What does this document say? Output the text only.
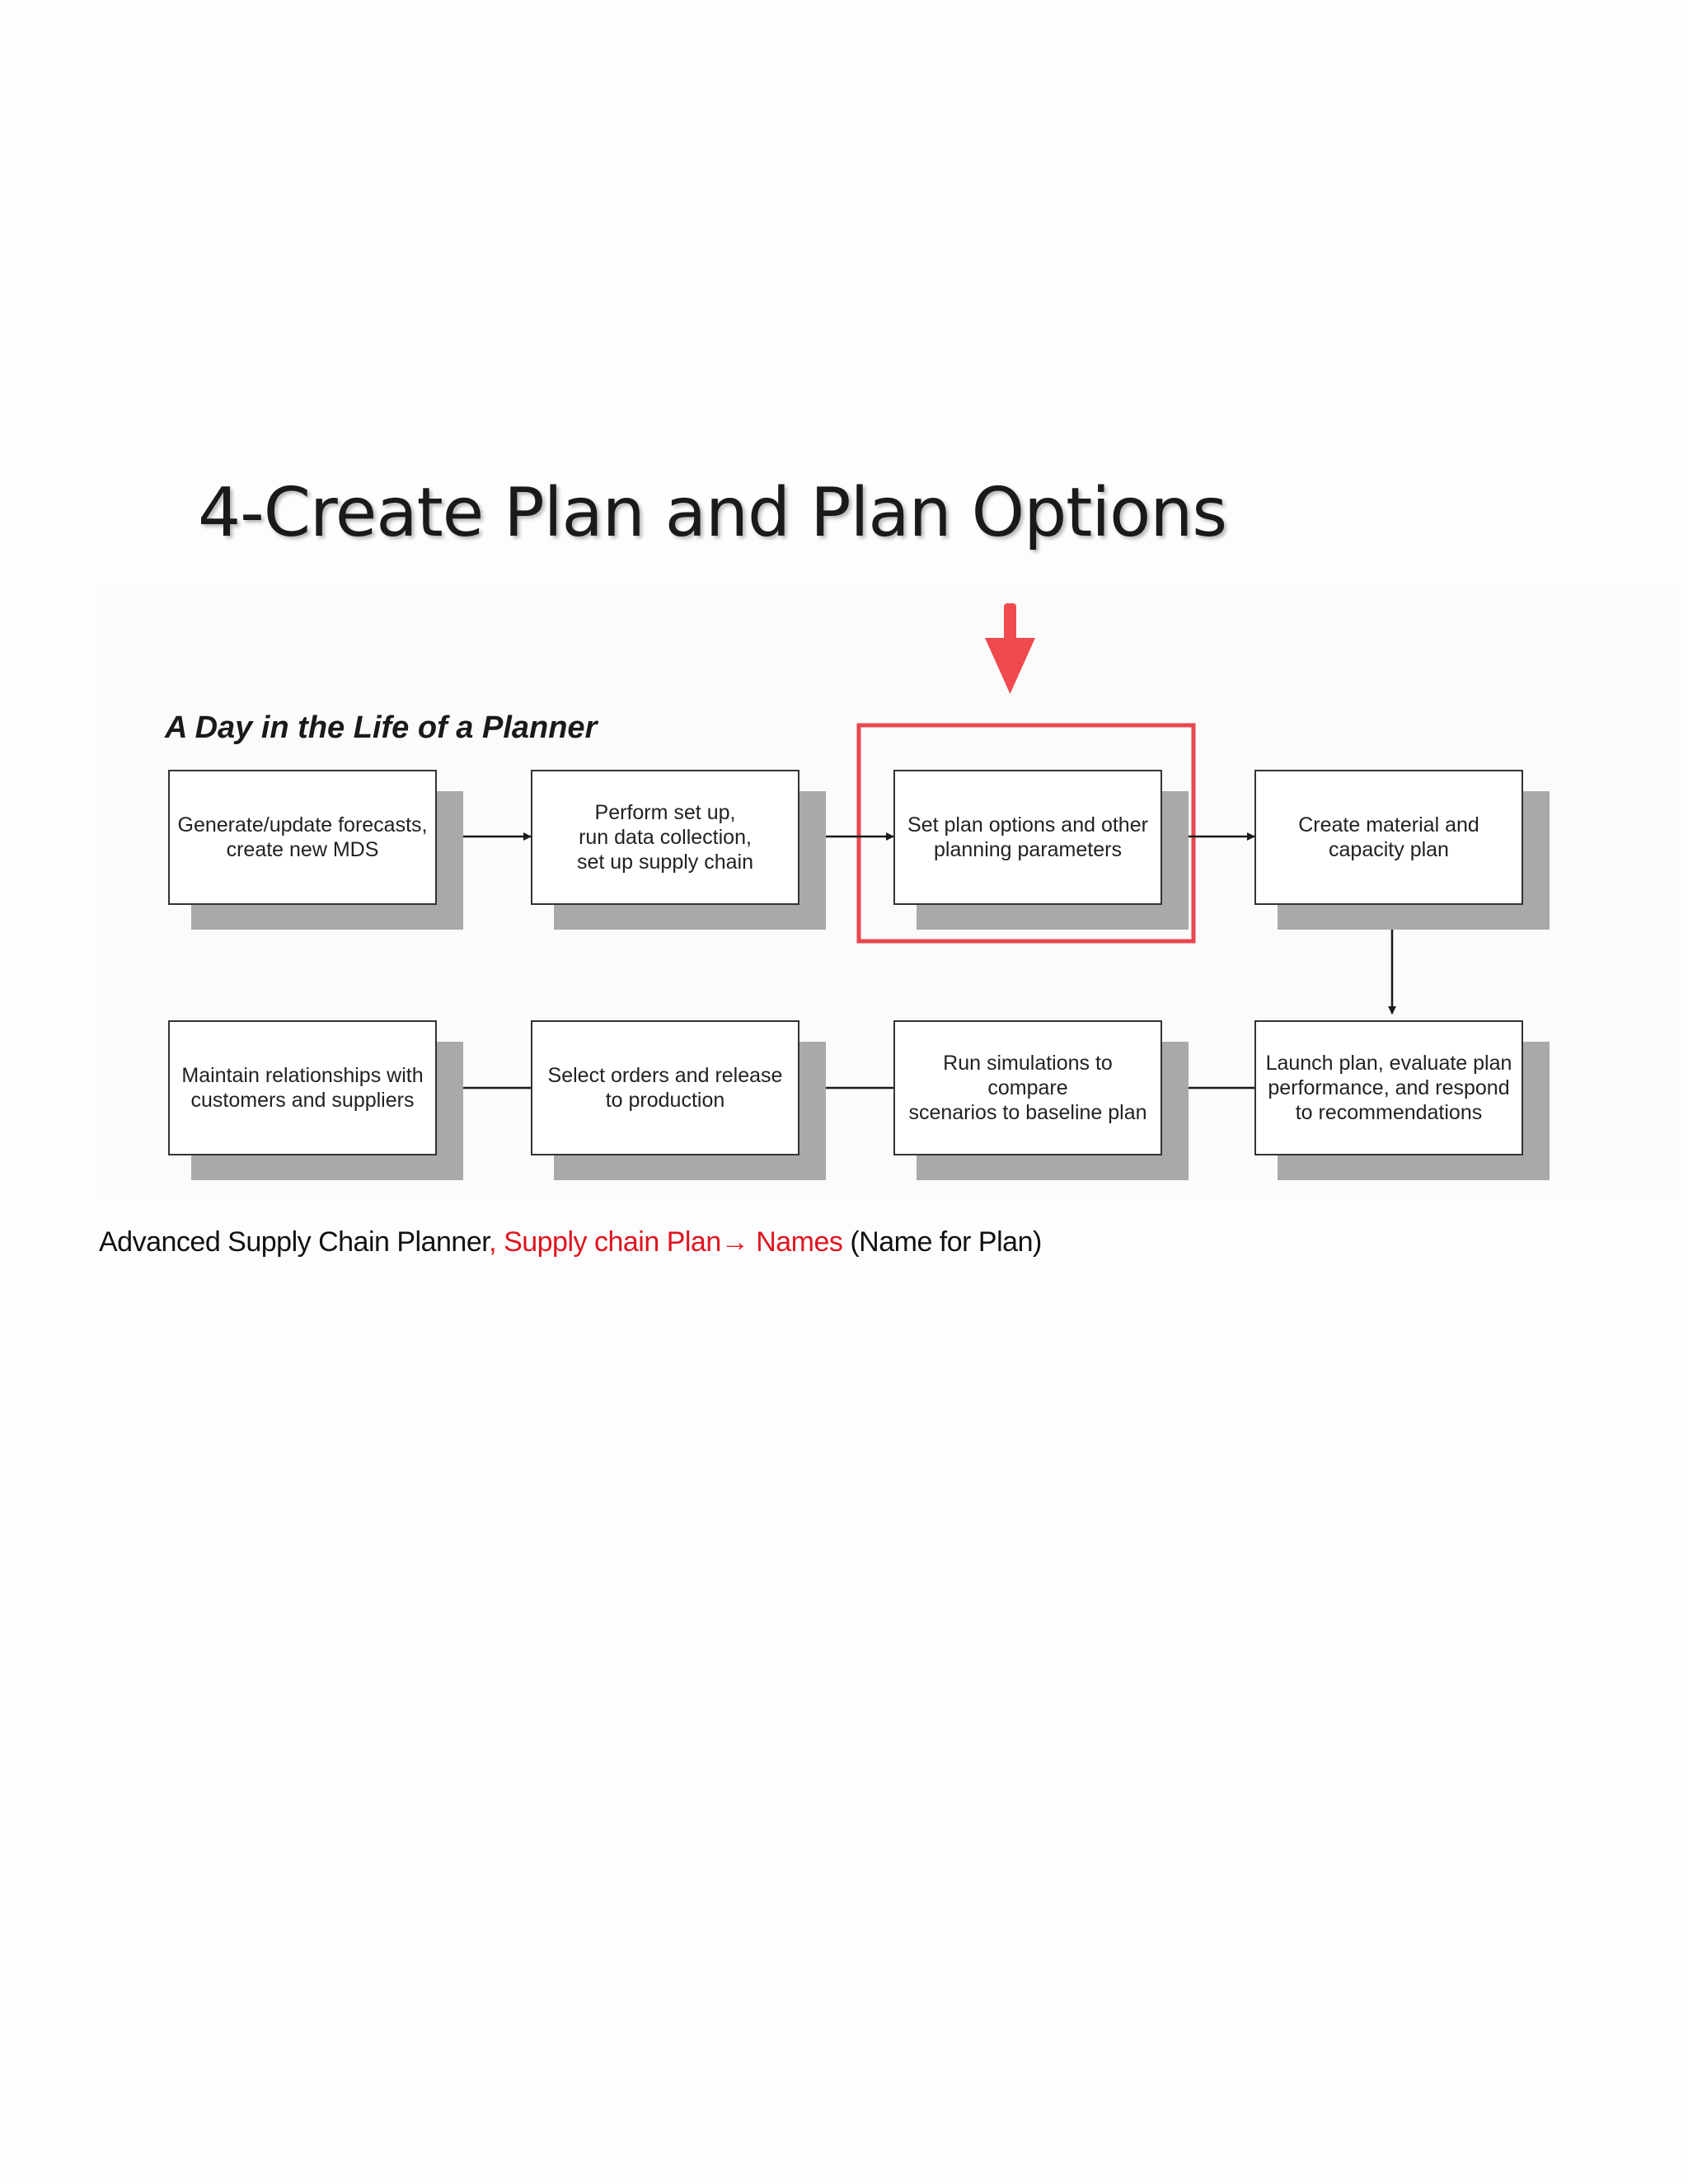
4-Create Plan and Plan Options
A Day in the Life of a Planner
Generate/update forecasts,
create new MDS
Perform set up,
run data collection,
set up supply chain
Set plan options and other
planning parameters
Create material and
capacity plan
Maintain relationships with
customers and suppliers
Select orders and release
to production
Run simulations to compare
scenarios to baseline plan
Launch plan, evaluate plan
performance, and respond
to recommendations
Advanced Supply Chain Planner, Supply chain Plan→ Names (Name for Plan)
